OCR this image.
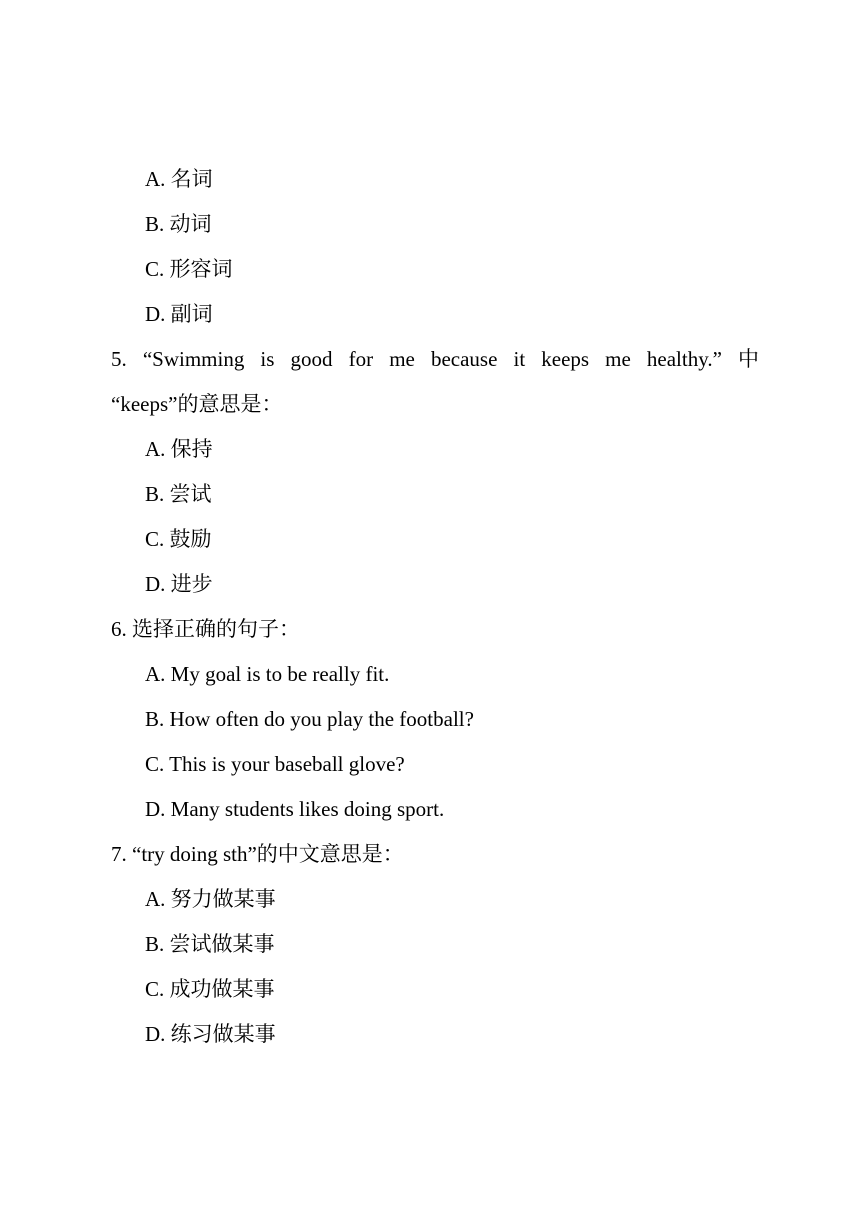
A. 名词
B. 动词
C. 形容词
D. 副词
5. “Swimming is good for me because it keeps me healthy.” 中
“keeps”的意思是：
A. 保持
B. 尝试
C. 鼓励
D. 进步
6. 选择正确的句子：
A. My goal is to be really fit.
B. How often do you play the football?
C. This is your baseball glove?
D. Many students likes doing sport.
7. “try doing sth”的中文意思是：
A. 努力做某事
B. 尝试做某事
C. 成功做某事
D. 练习做某事
